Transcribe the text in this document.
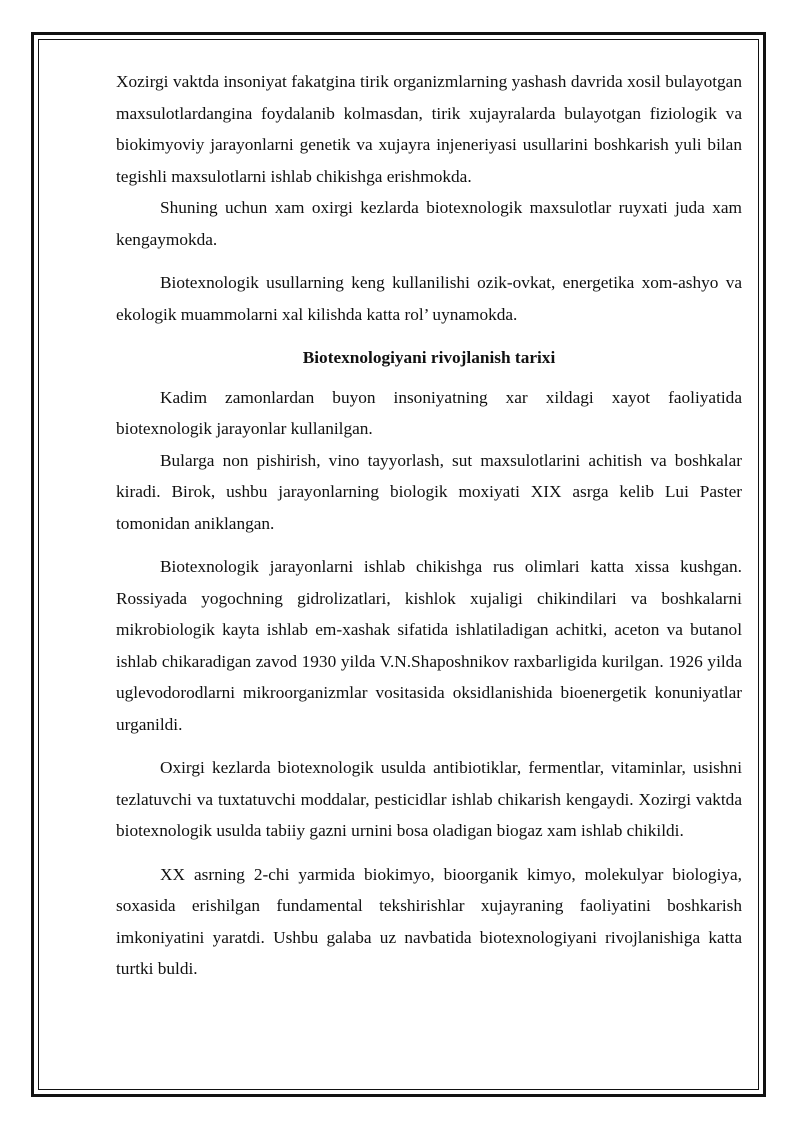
Xozirgi vaktda insoniyat fakatgina tirik organizmlarning yashash davrida xosil bulayotgan maxsulotlardangina foydalanib kolmasdan, tirik xujayralarda bulayotgan fiziologik va biokimyoviy jarayonlarni genetik va xujayra injeneriyasi usullarini boshkarish yuli bilan tegishli maxsulotlarni ishlab chikishga erishmokda.

Shuning uchun xam oxirgi kezlarda biotexnologik maxsulotlar ruyxati juda xam kengaymokda.

Biotexnologik usullarning keng kullanilishi ozik-ovkat, energetika xom-ashyo va ekologik muammolarni xal kilishda katta rol’ uynamokda.

Biotexnologiyani rivojlanish tarixi

Kadim zamonlardan buyon insoniyatning xar xildagi xayot faoliyatida biotexnologik jarayonlar kullanilgan.

Bularga non pishirish, vino tayyorlash, sut maxsulotlarini achitish va boshkalar kiradi. Birok, ushbu jarayonlarning biologik moxiyati XIX asrga kelib Lui Paster tomonidan aniklangan.

Biotexnologik jarayonlarni ishlab chikishga rus olimlari katta xissa kushgan. Rossiyada yogochning gidrolizatlari, kishlok xujaligi chikindilari va boshkalarni mikrobiologik kayta ishlab em-xashak sifatida ishlatiladigan achitki, aceton va butanol ishlab chikaradigan zavod 1930 yilda V.N.Shaposhnikov raxbarligida kurilgan. 1926 yilda uglevodorodlarni mikroorganizmlar vositasida oksidlanishida bioenergetik konuniyatlar urganildi.

Oxirgi kezlarda biotexnologik usulda antibiotiklar, fermentlar, vitaminlar, usishni tezlatuvchi va tuxtatuvchi moddalar, pesticidlar ishlab chikarish kengaydi. Xozirgi vaktda biotexnologik usulda tabiiy gazni urnini bosa oladigan biogaz xam ishlab chikildi.

XX asrning 2-chi yarmida biokimyo, bioorganik kimyo, molekulyar biologiya, soxasida erishilgan fundamental tekshirishlar xujayraning faoliyatini boshkarish imkoniyatini yaratdi. Ushbu galaba uz navbatida biotexnologiyani rivojlanishiga katta turtki buldi.
